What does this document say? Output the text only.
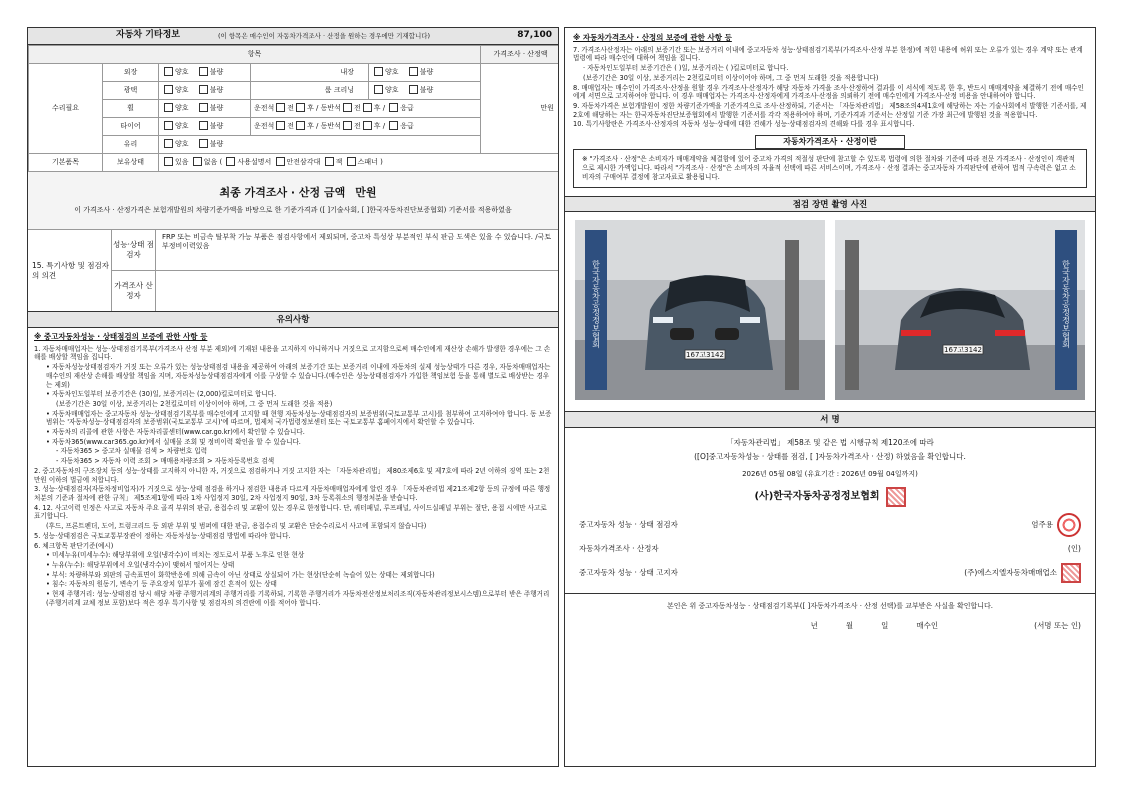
자동차 기타정보	(이 항목은 매수인이 자동차가격조사 · 산정을 원하는 경우에만 기재합니다)	87,100
항목					가격조사 · 산정액
수리필요	외장	양호 불량	내장	양호 불량	만원
	광택	양호 불량	룸 크리닝	양호 불량	
	휠	양호 불량	운전석 전 후 / 동반석 전 후 / 응급		
	타이어	양호 불량	운전석 전 후 / 동반석 전 후 / 응급		
	유리	양호 불량			
기본품목	보유상태	있음 없음 ( 사용설명서 안전삼각대 잭 스패너 )			
최종 가격조사 · 산정 금액 만원
이 가격조사 · 산정가격은 보험개발원의 차량기준가액을 바탕으로 한 기준가격과 ([ ]기술사회, [ ]한국자동차진단보증협회) 기준서를 적용하였음
15. 특기사항 및 점검자의 의견
성능·상태 점검자
FRP 또는 비금속 탈부착 가능 부품은 점검사항에서 제외되며, 중고차 특성상 부분적인 부식 판금 도색은 있을 수 있습니다. /국토부정비이력있음
가격조사 산정자
유의사항
※ 중고자동차성능 · 상태점검의 보증에 관한 사항 등

1. 자동차매매업자는 성능·상태점검기록부(가격조사 산정 부분 제외)에 기재된 내용을 고지하지 아니하거나 거짓으로 고지함으로써 매수인에게 재산상 손해가 발생한 경우에는 그 손해를 배상할 책임을 집니다.

• 자동차성능상태점검자가 거짓 또는 오류가 있는 성능상태점검 내용을 제공하여 아래의 보증기간 또는 보증거리 이내에 자동차의 실제 성능상태가 다른 경우, 자동차매매업자는 매수인의 재산상 손해를 배상할 책임을 지며, 자동차성능상태점검자에게 이를 구상할 수 있습니다.(매수인은 성능상태점검자가 가입한 책임보험 등을 통해 별도로 배상받는 경우는 제외)

• 자동차인도일부터 보증기간은 (30)일, 보증거리는 (2,000)킬로미터로 합니다.

(보증기간은 30일 이상, 보증거리는 2천킬로미터 이상이어야 하며, 그 중 먼저 도래한 것을 적용)

• 자동차매매업자는 중고자동차 성능·상태점검기록부를 매수인에게 고지할 때 현행 자동차성능·상태점검자의 보증범위(국토교통부 고시)를 첨부하여 고지하여야 합니다. 동 보증범위는 '자동차성능·상태점검자의 보증범위(국토교통부 고시)'에 따르며, 법제처 국가법령정보센터 또는 국토교통부 홈페이지에서 확인할 수 있습니다.

• 자동차의 리콜에 관한 사항은 자동차리콜센터(www.car.go.kr)에서 확인할 수 있습니다.

• 자동차365(www.car365.go.kr)에서 실매물 조회 및 정비이력 확인을 할 수 있습니다.

- 자동차365 > 중고차 실매물 검색 > 차량번호 입력

- 자동차365 > 자동차 이력 조회 > 매매용차량조회 > 자동차등록번호 검색

2. 중고자동차의 구조장치 등의 성능·상태를 고지하지 아니한 자, 거짓으로 점검하거나 거짓 고지한 자는 「자동차관리법」 제80조제6호 및 제7호에 따라 2년 이하의 징역 또는 2천만원 이하의 벌금에 처합니다.

3. 성능·상태점검자(자동차정비업자)가 거짓으로 성능·상태 점검을 하거나 점검한 내용과 다르게 자동차매매업자에게 알린 경우 「자동차관리법 제21조제2항 등의 규정에 따른 행정처분의 기준과 절차에 관한 규칙」 제5조제1항에 따라 1차 사업정지 30일, 2차 사업정지 90일, 3차 등록취소의 행정처분을 받습니다.

4. 12. 사고이력 인정은 사고로 자동차 주요 골격 부위의 판금, 용접수리 및 교환이 있는 경우로 한정합니다. 단, 쿼터패널, 루프패널, 사이드실패널 부위는 절단, 용접 시에만 사고로 표기합니다.

(후드, 프론트펜더, 도어, 트렁크리드 등 외판 부위 및 범퍼에 대한 판금, 용접수리 및 교환은 단순수리로서 사고에 포함되지 않습니다)

5. 성능·상태점검은 국토교통부장관이 정하는 자동차성능·상태점검 방법에 따라야 합니다.

6. 체크항목 판단기준(예시)

• 미세누유(미세누수): 해당부위에 오일(냉각수)이 비치는 정도로서 부품 노후로 인한 현상

• 누유(누수): 해당부위에서 오일(냉각수)이 맺혀서 떨어지는 상태

• 부식: 차량하부와 외판의 금속표면이 화학반응에 의해 금속이 아닌 상태로 상실되어 가는 현상(단순히 녹슬어 있는 상태는 제외합니다)

• 침수: 자동차의 원동기, 변속기 등 주요장치 일부가 물에 잠긴 흔적이 있는 상태

• 현재 주행거리: 성능·상태점검 당시 해당 차량 주행거리계의 주행거리를 기록하되, 기록한 주행거리가 자동차전산정보처리조직(자동차관리정보시스템)으로부터 받은 주행거리(주행거리계 교체 정보 포함)보다 적은 경우 특기사항 및 점검자의 의견란에 이를 적어야 합니다.

※ 자동차가격조사 · 산정의 보증에 관한 사항 등

7. 가격조사산정자는 아래의 보증기간 또는 보증거리 이내에 중고자동차 성능·상태점검기록부(가격조사·산정 부분 한정)에 적힌 내용에 허위 또는 오류가 있는 경우 계약 또는 관계법령에 따라 매수인에 대하여 책임을 집니다.

· 자동차인도일부터 보증기간은 ( )일, 보증거리는 ( )킬로미터로 합니다.

(보증기간은 30일 이상, 보증거리는 2천킬로미터 이상이어야 하며, 그 중 먼저 도래한 것을 적용합니다)

8. 매매업자는 매수인이 가격조사·산정을 원할 경우 가격조사·산정자가 해당 자동차 가격을 조사·산정하여 결과를 이 서식에 적도록 한 후, 반드시 매매계약을 체결하기 전에 매수인에게 서면으로 고지하여야 합니다. 이 경우 매매업자는 가격조사·산정자에게 가격조사·산정을 의뢰하기 전에 매수인에게 가격조사·산정 비용을 안내하여야 합니다.

9. 자동차가격은 보험개발원이 정한 차량기준가액을 기준가격으로 조사·산정하되, 기준서는 「자동차관리법」 제58조의4제1호에 해당하는 자는 기술사회에서 발행한 기준서를, 제2호에 해당하는 자는 한국자동차진단보증협회에서 발행한 기준서를 각각 적용하여야 하며, 기준가격과 기준서는 산정일 기준 가장 최근에 발행된 것을 적용합니다.

10. 특기사항란은 가격조사·산정자의 자동차 성능·상태에 대한 견해가 성능·상태점검자의 견해와 다를 경우 표시합니다.

자동차가격조사 · 산정이란
※ "가격조사 · 산정"은 소비자가 매매계약을 체결함에 있어 중고차 가격의 적절성 판단에 참고할 수 있도록 법령에 의한 절차와 기준에 따라 전문 가격조사 · 산정인이 객관적으로 제시한 가액입니다. 따라서 "가격조사 · 산정"은 소비자의 자율적 선택에 따른 서비스이며, 가격조사 · 산정 결과는 중고자동차 가격판단에 관하여 법적 구속력은 없고 소비자의 구매여부 결정에 참고자료로 활용됩니다.
점검 장면 촬영 사진
167고3142
한국자동차공정정보협회
167고3142
한국자동차공정정보협회
서 명

「자동차관리법」 제58조 및 같은 법 시행규칙 제120조에 따라

([O]중고자동차성능 · 상태를 점검, [ ]자동차가격조사 · 산정) 하였음을 확인합니다.

2026년 05월 08일 (유효기간 : 2026년 09월 04일까지)
(사)한국자동차공정정보협회
중고자동차 성능 · 상태 점검자	엄주용
자동차가격조사 · 산정자	(인)
중고자동차 성능 · 상태 고지자	(주)에스지엘자동차매매업소
본인은 위 중고자동차성능 · 상태점검기록부([ ]자동차가격조사 · 산정 선택)를 교부받은 사실을 확인합니다.
년	월	일	매수인	(서명 또는 인)
